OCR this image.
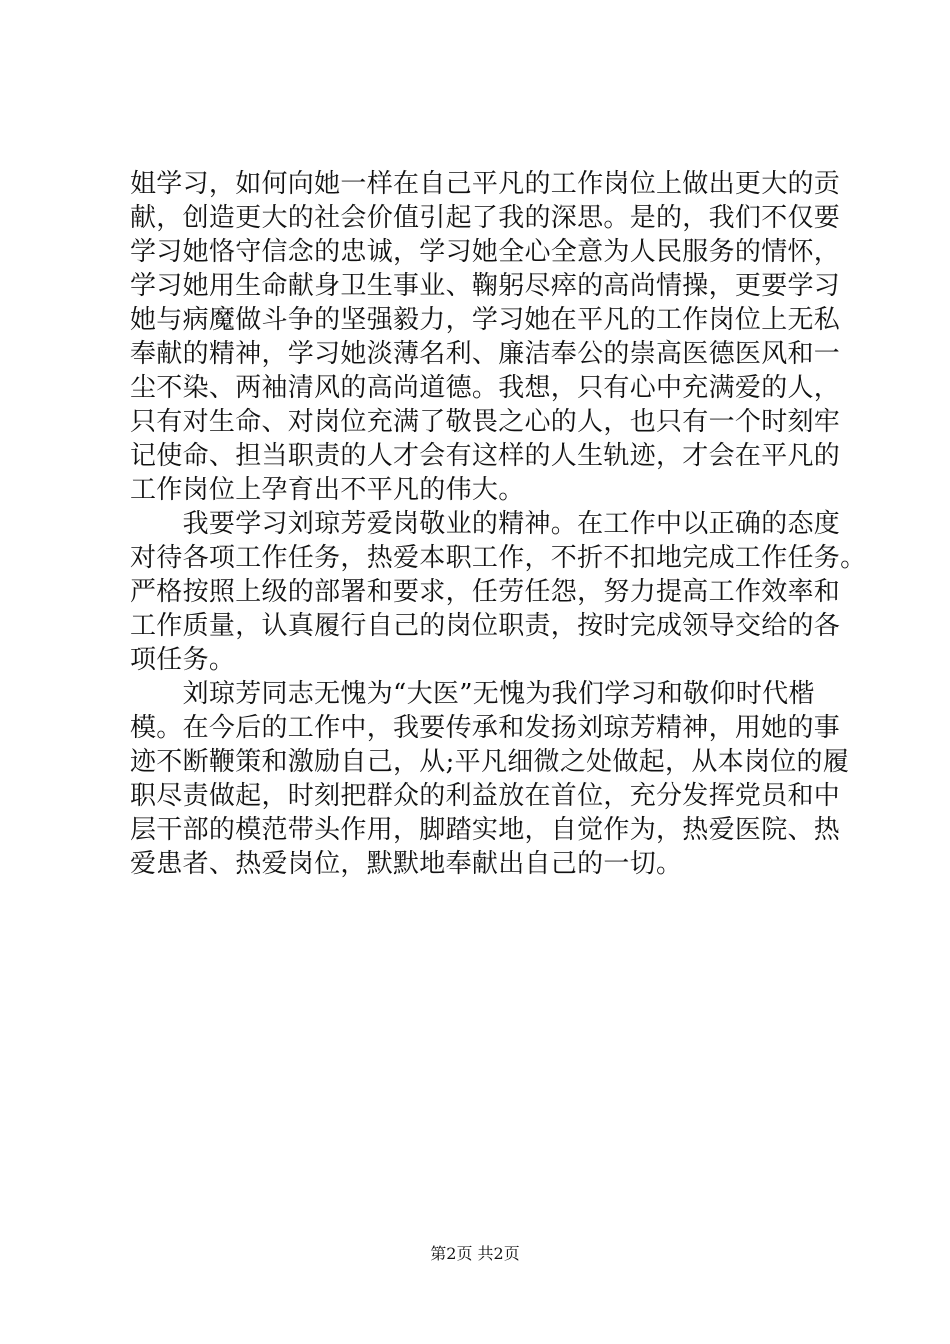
姐学习，如何向她一样在自己平凡的工作岗位上做出更大的贡
献，创造更大的社会价值引起了我的深思。是的，我们不仅要
学习她恪守信念的忠诚，学习她全心全意为人民服务的情怀，
学习她用生命献身卫生事业、鞠躬尽瘁的高尚情操，更要学习
她与病魔做斗争的坚强毅力，学习她在平凡的工作岗位上无私
奉献的精神，学习她淡薄名利、廉洁奉公的崇高医德医风和一
尘不染、两袖清风的高尚道德。我想，只有心中充满爱的人，
只有对生命、对岗位充满了敬畏之心的人，也只有一个时刻牢
记使命、担当职责的人才会有这样的人生轨迹，才会在平凡的
工作岗位上孕育出不平凡的伟大。
　　我要学习刘琼芳爱岗敬业的精神。在工作中以正确的态度
对待各项工作任务，热爱本职工作，不折不扣地完成工作任务。
严格按照上级的部署和要求，任劳任怨，努力提高工作效率和
工作质量，认真履行自己的岗位职责，按时完成领导交给的各
项任务。
　　刘琼芳同志无愧为“大医”无愧为我们学习和敬仰时代楷
模。在今后的工作中，我要传承和发扬刘琼芳精神，用她的事
迹不断鞭策和激励自己，从;平凡细微之处做起，从本岗位的履
职尽责做起，时刻把群众的利益放在首位，充分发挥党员和中
层干部的模范带头作用，脚踏实地，自觉作为，热爱医院、热
爱患者、热爱岗位，默默地奉献出自己的一切。
第2页 共2页
